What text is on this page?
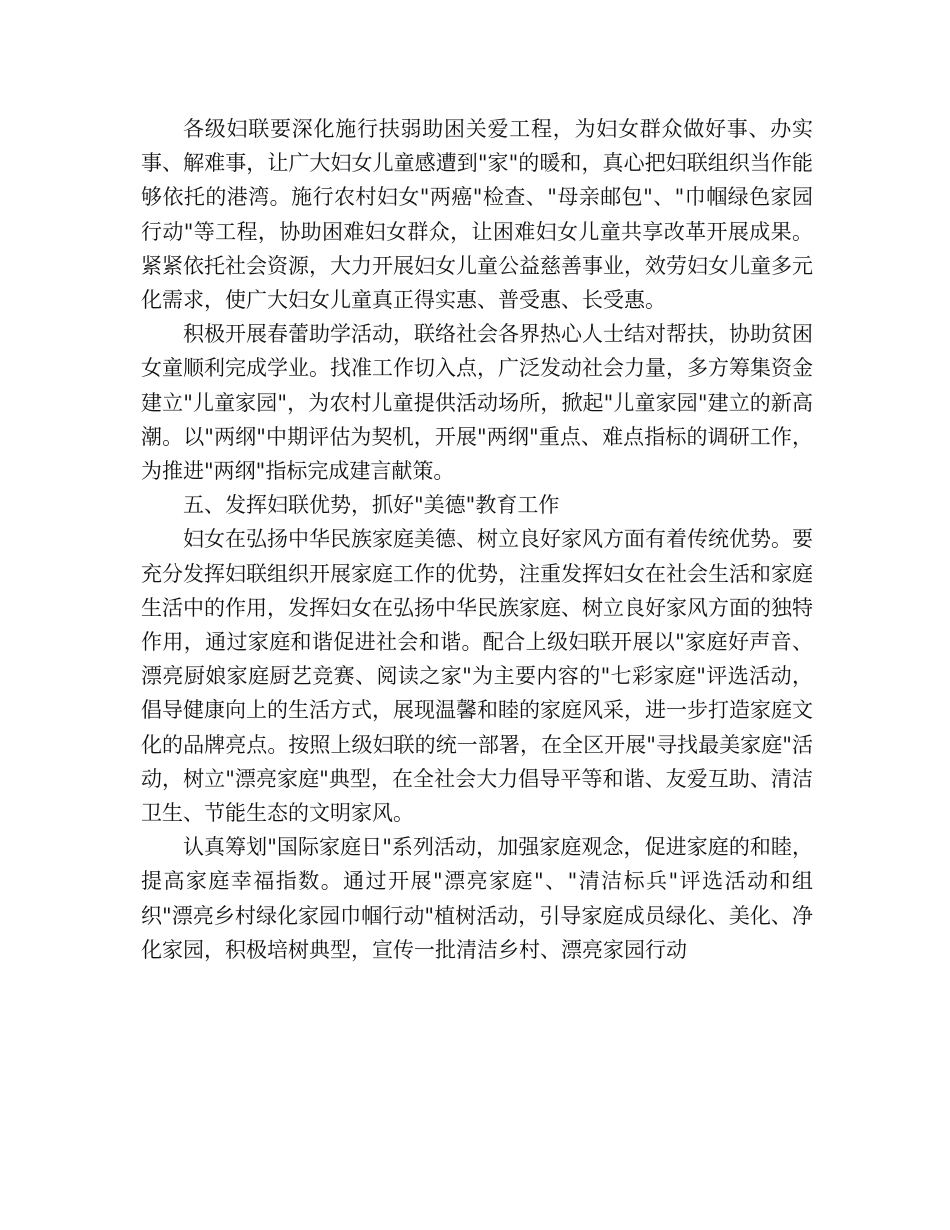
各级妇联要深化施行扶弱助困关爱工程，为妇女群众做好事、办实事、解难事，让广大妇女儿童感遭到"家"的暖和，真心把妇联组织当作能够依托的港湾。施行农村妇女"两癌"检查、"母亲邮包"、"巾帼绿色家园行动"等工程，协助困难妇女群众，让困难妇女儿童共享改革开展成果。紧紧依托社会资源，大力开展妇女儿童公益慈善事业，效劳妇女儿童多元化需求，使广大妇女儿童真正得实惠、普受惠、长受惠。

积极开展春蕾助学活动，联络社会各界热心人士结对帮扶，协助贫困女童顺利完成学业。找准工作切入点，广泛发动社会力量，多方筹集资金建立"儿童家园"，为农村儿童提供活动场所，掀起"儿童家园"建立的新高潮。以"两纲"中期评估为契机，开展"两纲"重点、难点指标的调研工作，为推进"两纲"指标完成建言献策。

五、发挥妇联优势，抓好"美德"教育工作

妇女在弘扬中华民族家庭美德、树立良好家风方面有着传统优势。要充分发挥妇联组织开展家庭工作的优势，注重发挥妇女在社会生活和家庭生活中的作用，发挥妇女在弘扬中华民族家庭、树立良好家风方面的独特作用，通过家庭和谐促进社会和谐。配合上级妇联开展以"家庭好声音、漂亮厨娘家庭厨艺竞赛、阅读之家"为主要内容的"七彩家庭"评选活动，倡导健康向上的生活方式，展现温馨和睦的家庭风采，进一步打造家庭文化的品牌亮点。按照上级妇联的统一部署，在全区开展"寻找最美家庭"活动，树立"漂亮家庭"典型，在全社会大力倡导平等和谐、友爱互助、清洁卫生、节能生态的文明家风。

认真筹划"国际家庭日"系列活动，加强家庭观念，促进家庭的和睦，提高家庭幸福指数。通过开展"漂亮家庭"、"清洁标兵"评选活动和组织"漂亮乡村绿化家园巾帼行动"植树活动，引导家庭成员绿化、美化、净化家园，积极培树典型，宣传一批清洁乡村、漂亮家园行动
